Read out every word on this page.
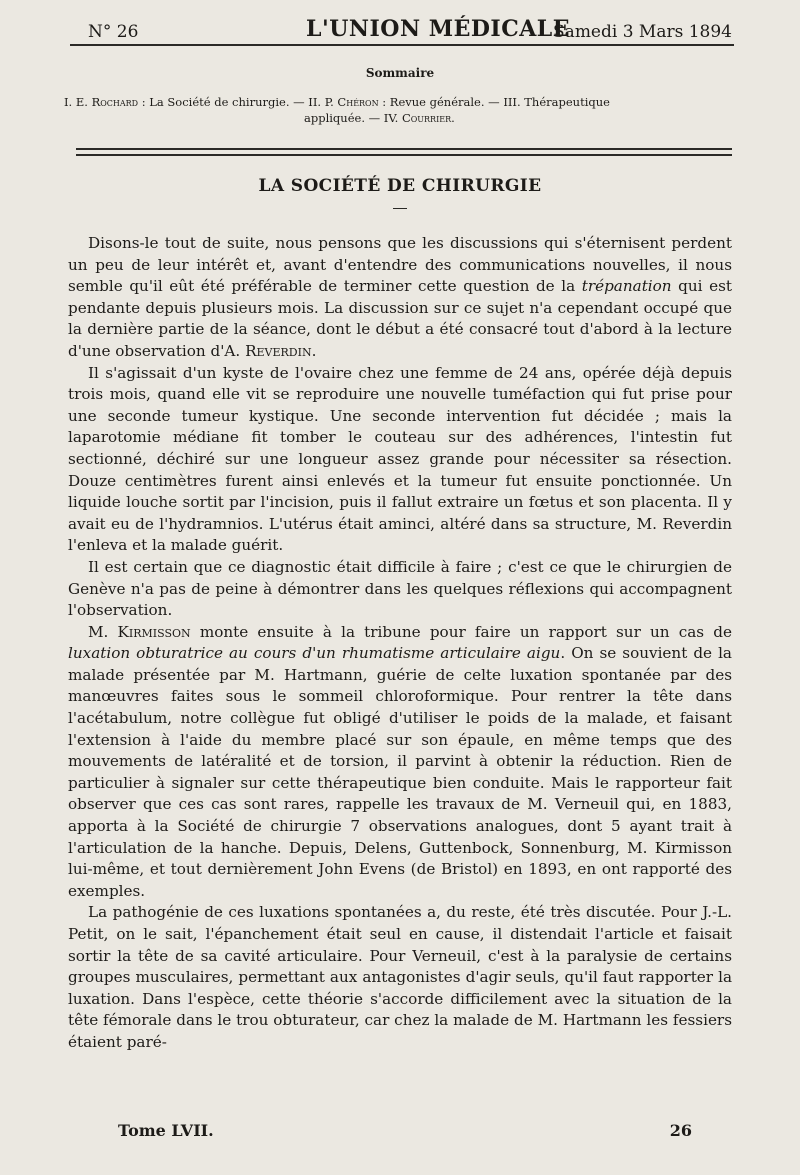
N° 26	L'UNION MÉDICALE
Samedi 3 Mars 1894
Sommaire
I. E. Rochard : La Société de chirurgie. — II. P. Chéron : Revue générale. — III. Thérapeutique
appliquée. — IV. Courrier.
LA SOCIÉTÉ DE CHIRURGIE

Disons-le tout de suite, nous pensons que les discussions qui s'éternisent perdent un peu de leur intérêt et, avant d'entendre des communications nouvelles, il nous semble qu'il eût été préférable de terminer cette question de la trépanation qui est pendante depuis plusieurs mois. La discussion sur ce sujet n'a cependant occupé que la dernière partie de la séance, dont le début a été consacré tout d'abord à la lecture d'une observation d'A. Reverdin.

Il s'agissait d'un kyste de l'ovaire chez une femme de 24 ans, opérée déjà depuis trois mois, quand elle vit se reproduire une nouvelle tuméfaction qui fut prise pour une seconde tumeur kystique. Une seconde intervention fut décidée ; mais la laparotomie médiane fit tomber le couteau sur des adhérences, l'intestin fut sectionné, déchiré sur une longueur assez grande pour nécessiter sa résection. Douze centimètres furent ainsi enlevés et la tumeur fut ensuite ponctionnée. Un liquide louche sortit par l'incision, puis il fallut extraire un fœtus et son placenta. Il y avait eu de l'hydramnios. L'utérus était aminci, altéré dans sa structure, M. Reverdin l'enleva et la malade guérit.

Il est certain que ce diagnostic était difficile à faire ; c'est ce que le chirurgien de Genève n'a pas de peine à démontrer dans les quelques réflexions qui accompagnent l'observation.

M. Kirmisson monte ensuite à la tribune pour faire un rapport sur un cas de luxation obturatrice au cours d'un rhumatisme articulaire aigu. On se souvient de la malade présentée par M. Hartmann, guérie de celte luxation spontanée par des manœuvres faites sous le sommeil chloroformique. Pour rentrer la tête dans l'acétabulum, notre collègue fut obligé d'utiliser le poids de la malade, et faisant l'extension à l'aide du membre placé sur son épaule, en même temps que des mouvements de latéralité et de torsion, il parvint à obtenir la réduction. Rien de particulier à signaler sur cette thérapeutique bien conduite. Mais le rapporteur fait observer que ces cas sont rares, rappelle les travaux de M. Verneuil qui, en 1883, apporta à la Société de chirurgie 7 observations analogues, dont 5 ayant trait à l'articulation de la hanche. Depuis, Delens, Guttenbock, Sonnenburg, M. Kirmisson lui-même, et tout dernièrement John Evens (de Bristol) en 1893, en ont rapporté des exemples.

La pathogénie de ces luxations spontanées a, du reste, été très discutée. Pour J.-L. Petit, on le sait, l'épanchement était seul en cause, il distendait l'article et faisait sortir la tête de sa cavité articulaire. Pour Verneuil, c'est à la paralysie de certains groupes musculaires, permettant aux antagonistes d'agir seuls, qu'il faut rapporter la luxation. Dans l'espèce, cette théorie s'accorde difficilement avec la situation de la tête fémorale dans le trou obturateur, car chez la malade de M. Hartmann les fessiers étaient paré-

Tome LVII.	26
